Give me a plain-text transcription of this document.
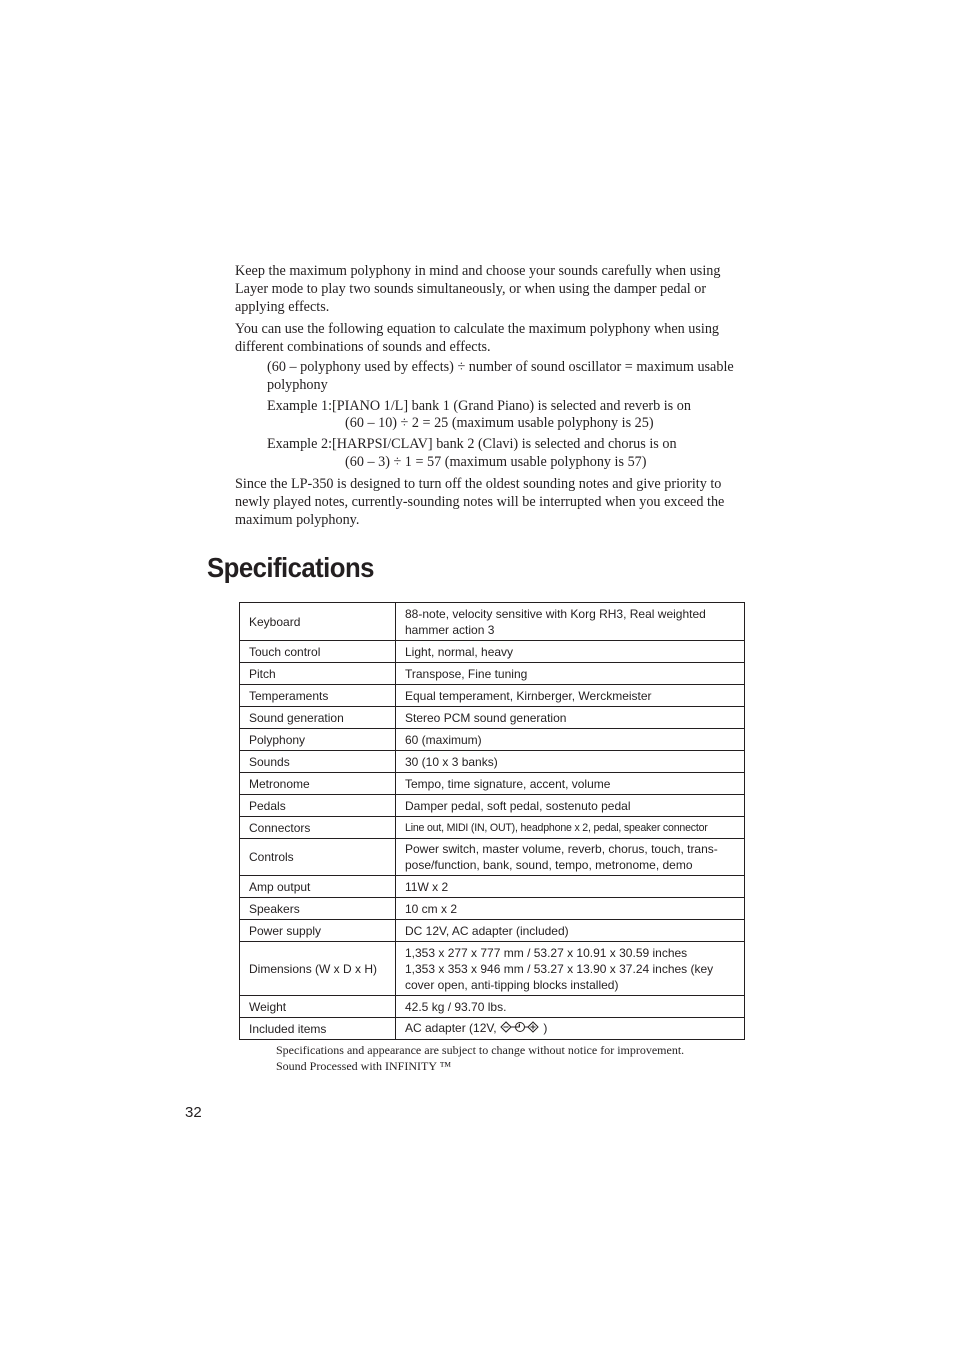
Keep the maximum polyphony in mind and choose your sounds carefully when using Layer mode to play two sounds simultaneously, or when using the damper pedal or applying effects.

You can use the following equation to calculate the maximum polyphony when using different combinations of sounds and effects.

(60 – polyphony used by effects) ÷ number of sound oscillator = maximum usable polyphony

Example 1:[PIANO 1/L] bank 1 (Grand Piano) is selected and reverb is on

(60 – 10) ÷ 2 = 25 (maximum usable polyphony is 25)

Example 2:[HARPSI/CLAV] bank 2 (Clavi) is selected and chorus is on

(60 – 3) ÷ 1 = 57 (maximum usable polyphony is 57)

Since the LP-350 is designed to turn off the oldest sounding notes and give priority to newly played notes, currently-sounding notes will be interrupted when you exceed the maximum polyphony.

Specifications
Keyboard	88-note, velocity sensitive with Korg RH3, Real weighted hammer action 3
Touch control	Light, normal, heavy
Pitch	Transpose, Fine tuning
Temperaments	Equal temperament, Kirnberger, Werckmeister
Sound generation	Stereo PCM sound generation
Polyphony	60 (maximum)
Sounds	30 (10 x 3 banks)
Metronome	Tempo, time signature, accent, volume
Pedals	Damper pedal, soft pedal, sostenuto pedal
Connectors	Line out, MIDI (IN, OUT), headphone x 2, pedal, speaker connector
Controls	Power switch, master volume, reverb, chorus, touch, trans-pose/function, bank, sound, tempo, metronome, demo
Amp output	11W x 2
Speakers	10 cm x 2
Power supply	DC 12V, AC adapter (included)
Dimensions (W x D x H)	1,353 x 277 x 777 mm / 53.27 x 10.91 x 30.59 inches
1,353 x 353 x 946 mm / 53.27 x 13.90 x 37.24 inches (key cover open, anti-tipping blocks installed)
Weight	42.5 kg / 93.70 lbs.
Included items	AC adapter (12V, )

Specifications and appearance are subject to change without notice for improvement.

Sound Processed with INFINITY ™

32
